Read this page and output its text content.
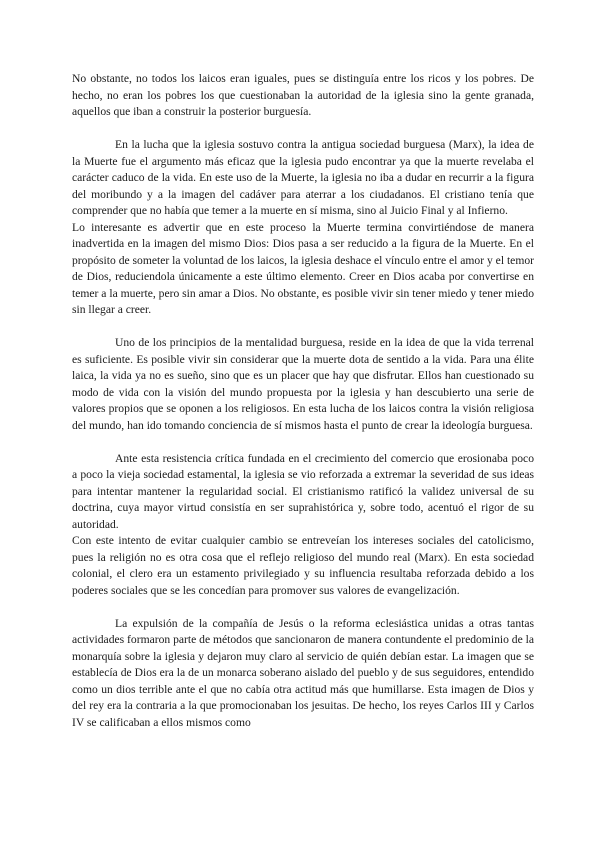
No obstante, no todos los laicos eran iguales, pues se distinguía entre los ricos y los pobres. De hecho, no eran los pobres los que cuestionaban la autoridad de la iglesia sino la gente granada, aquellos que iban a construir la posterior burguesía.

En la lucha que la iglesia sostuvo contra la antigua sociedad burguesa (Marx), la idea de la Muerte fue el argumento más eficaz que la iglesia pudo encontrar ya que la muerte revelaba el carácter caduco de la vida. En este uso de la Muerte, la iglesia no iba a dudar en recurrir a la figura del moribundo y a la imagen del cadáver para aterrar a los ciudadanos. El cristiano tenía que comprender que no había que temer a la muerte en sí misma, sino al Juicio Final y al Infierno.

Lo interesante es advertir que en este proceso la Muerte termina convirtiéndose de manera inadvertida en la imagen del mismo Dios: Dios pasa a ser reducido a la figura de la Muerte. En el propósito de someter la voluntad de los laicos, la iglesia deshace el vínculo entre el amor y el temor de Dios, reduciendola únicamente a este último elemento. Creer en Dios acaba por convertirse en temer a la muerte, pero sin amar a Dios. No obstante, es posible vivir sin tener miedo y tener miedo sin llegar a creer.

Uno de los principios de la mentalidad burguesa, reside en la idea de que la vida terrenal es suficiente. Es posible vivir sin considerar que la muerte dota de sentido a la vida. Para una élite laica, la vida ya no es sueño, sino que es un placer que hay que disfrutar. Ellos han cuestionado su modo de vida con la visión del mundo propuesta por la iglesia y han descubierto una serie de valores propios que se oponen a los religiosos. En esta lucha de los laicos contra la visión religiosa del mundo, han ido tomando conciencia de sí mismos hasta el punto de crear la ideología burguesa.

Ante esta resistencia crítica fundada en el crecimiento del comercio que erosionaba poco a poco la vieja sociedad estamental, la iglesia se vio reforzada a extremar la severidad de sus ideas para intentar mantener la regularidad social. El cristianismo ratificó la validez universal de su doctrina, cuya mayor virtud consistía en ser suprahistórica y, sobre todo, acentuó el rigor de su autoridad.

Con este intento de evitar cualquier cambio se entreveían los intereses sociales del catolicismo, pues la religión no es otra cosa que el reflejo religioso del mundo real (Marx). En esta sociedad colonial, el clero era un estamento privilegiado y su influencia resultaba reforzada debido a los poderes sociales que se les concedían para promover sus valores de evangelización.

La expulsión de la compañía de Jesús o la reforma eclesiástica unidas a otras tantas actividades formaron parte de métodos que sancionaron de manera contundente el predominio de la monarquía sobre la iglesia y dejaron muy claro al servicio de quién debían estar. La imagen que se establecía de Dios era la de un monarca soberano aislado del pueblo y de sus seguidores, entendido como un dios terrible ante el que no cabía otra actitud más que humillarse. Esta imagen de Dios y del rey era la contraria a la que promocionaban los jesuitas. De hecho, los reyes Carlos III y Carlos IV se calificaban a ellos mismos como
